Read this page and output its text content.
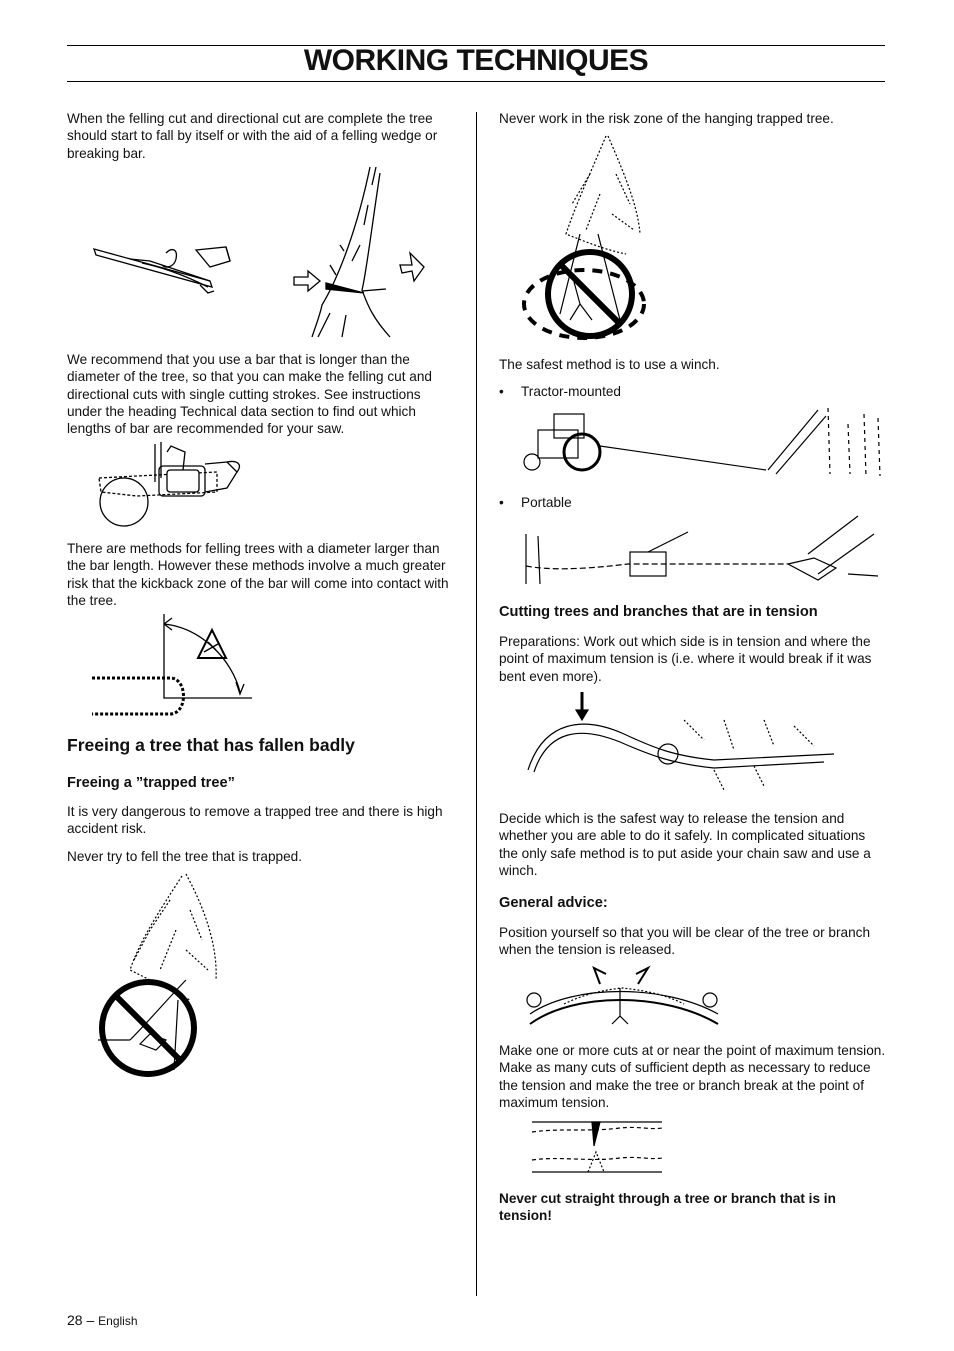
WORKING TECHNIQUES

When the felling cut and directional cut are complete the tree should start to fall by itself or with the aid of a felling wedge or breaking bar.

We recommend that you use a bar that is longer than the diameter of the tree, so that you can make the felling cut and directional cuts with single cutting strokes. See instructions under the heading Technical data section to find out which lengths of bar are recommended for your saw.

There are methods for felling trees with a diameter larger than the bar length. However these methods involve a much greater risk that the kickback zone of the bar will come into contact with the tree.

Freeing a tree that has fallen badly
Freeing a ”trapped tree”

It is very dangerous to remove a trapped tree and there is high accident risk.

Never try to fell the tree that is trapped.

Never work in the risk zone of the hanging trapped tree.

The safest method is to use a winch.

• Tractor-mounted

• Portable

Cutting trees and branches that are in tension

Preparations: Work out which side is in tension and where the point of maximum tension is (i.e. where it would break if it was bent even more).

Decide which is the safest way to release the tension and whether you are able to do it safely. In complicated situations the only safe method is to put aside your chain saw and use a winch.

General advice:

Position yourself so that you will be clear of the tree or branch when the tension is released.

Make one or more cuts at or near the point of maximum tension. Make as many cuts of sufficient depth as necessary to reduce the tension and make the tree or branch break at the point of maximum tension.

Never cut straight through a tree or branch that is in tension!

28 – English
